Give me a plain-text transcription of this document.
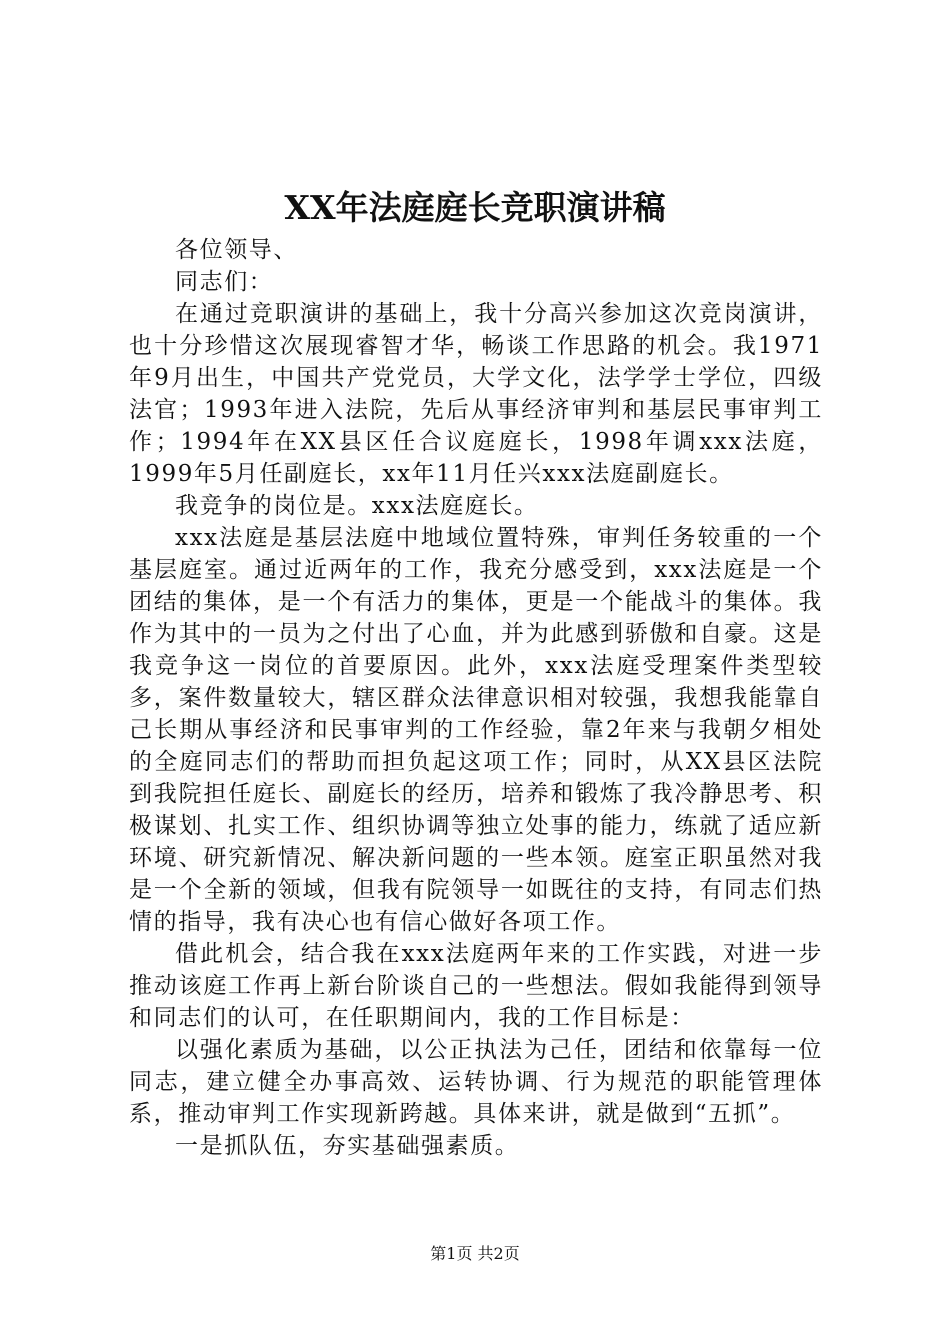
XX年法庭庭长竞职演讲稿

各位领导、

同志们：

在通过竞职演讲的基础上，我十分高兴参加这次竞岗演讲，也十分珍惜这次展现睿智才华，畅谈工作思路的机会。我1971年9月出生，中国共产党党员，大学文化，法学学士学位，四级法官；1993年进入法院，先后从事经济审判和基层民事审判工作；1994年在XX县区任合议庭庭长，1998年调xxx法庭，1999年5月任副庭长，xx年11月任兴xxx法庭副庭长。

我竞争的岗位是。xxx法庭庭长。

xxx法庭是基层法庭中地域位置特殊，审判任务较重的一个基层庭室。通过近两年的工作，我充分感受到，xxx法庭是一个团结的集体，是一个有活力的集体，更是一个能战斗的集体。我作为其中的一员为之付出了心血，并为此感到骄傲和自豪。这是我竞争这一岗位的首要原因。此外，xxx法庭受理案件类型较多，案件数量较大，辖区群众法律意识相对较强，我想我能靠自己长期从事经济和民事审判的工作经验，靠2年来与我朝夕相处的全庭同志们的帮助而担负起这项工作；同时，从XX县区法院到我院担任庭长、副庭长的经历，培养和锻炼了我冷静思考、积极谋划、扎实工作、组织协调等独立处事的能力，练就了适应新环境、研究新情况、解决新问题的一些本领。庭室正职虽然对我是一个全新的领域，但我有院领导一如既往的支持，有同志们热情的指导，我有决心也有信心做好各项工作。

借此机会，结合我在xxx法庭两年来的工作实践，对进一步推动该庭工作再上新台阶谈自己的一些想法。假如我能得到领导和同志们的认可，在任职期间内，我的工作目标是：

以强化素质为基础，以公正执法为己任，团结和依靠每一位同志，建立健全办事高效、运转协调、行为规范的职能管理体系，推动审判工作实现新跨越。具体来讲，就是做到“五抓”。

一是抓队伍，夯实基础强素质。

第1页 共2页
